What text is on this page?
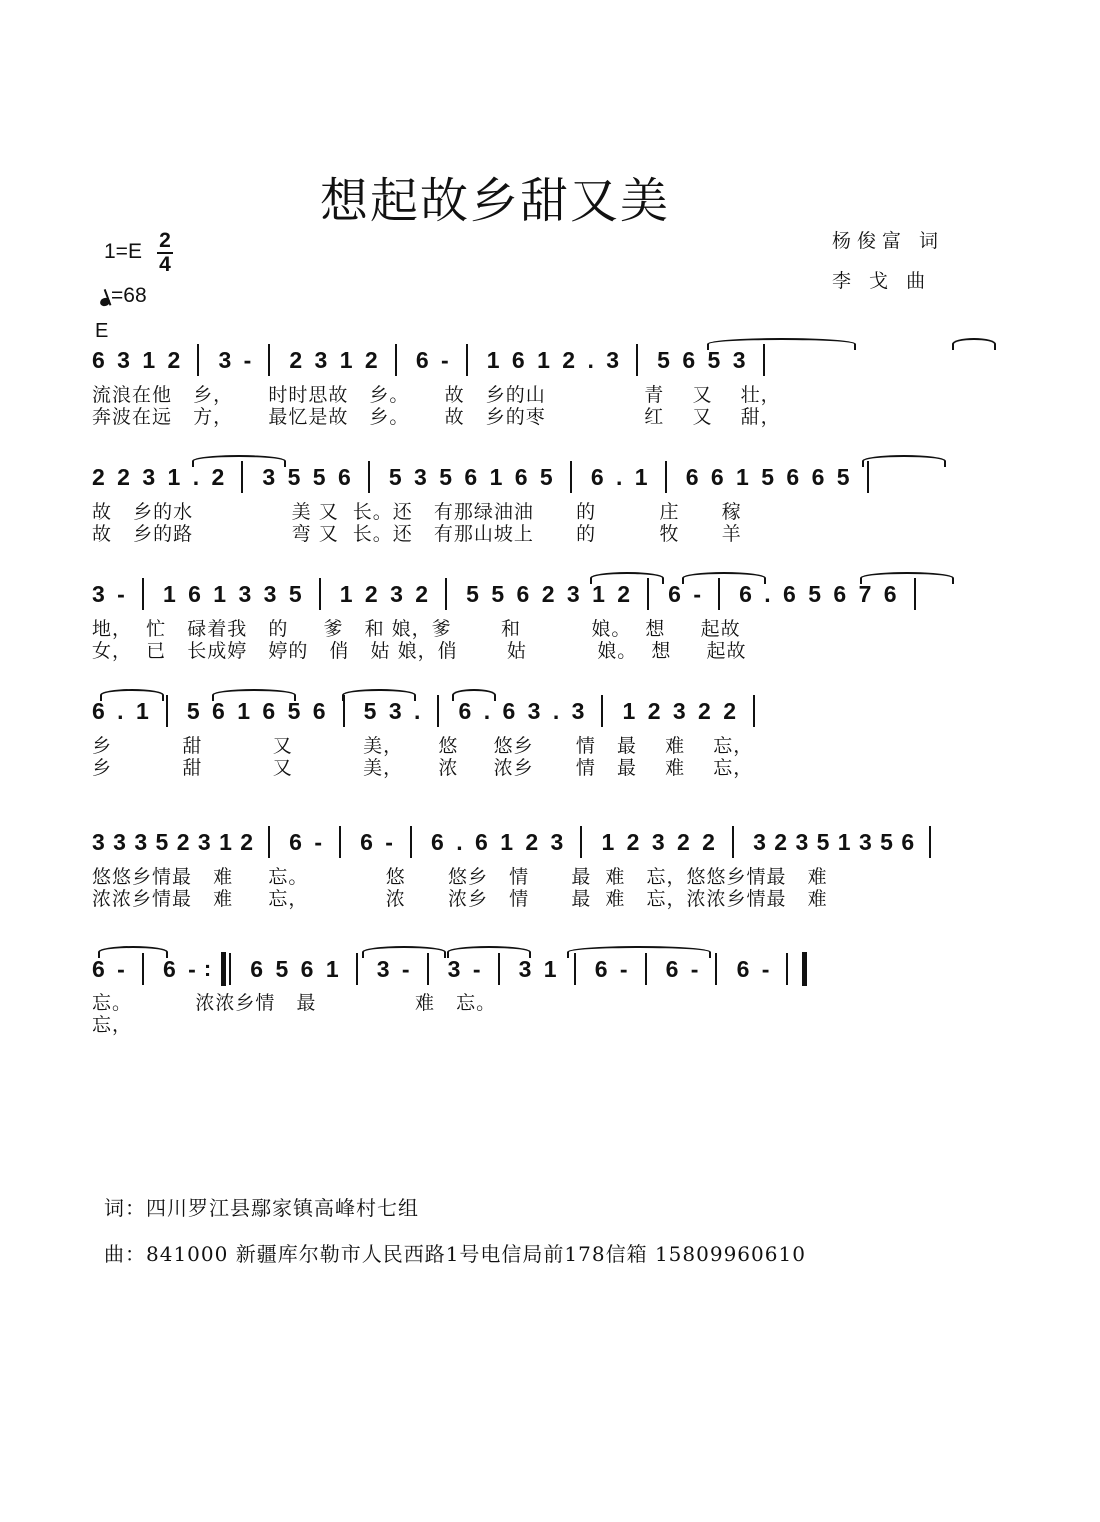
想起故乡甜又美
杨俊富 词
李 戈 曲
1=E 2
4
=68
E
6 3 1 2 3 - 2 3 1 2 6 - 1 6 1 2 . 3 5 6 5 3
流浪在他   乡，     时时思故   乡。     故   乡的山              青    又    壮，
奔波在远   方，     最忆是故   乡。     故   乡的枣              红    又    甜，
2 2 3 1 . 2 3 5 5 6 5 3 5 6 1 6 5 6 . 1 6 6 1 5 6 6 5
故   乡的水              美 又  长。还   有那绿油油      的         庄      稼
故   乡的路              弯 又  长。还   有那山坡上      的         牧      羊
3 - 1 6 1 3 3 5 1 2 3 2 5 5 6 2 3 1 2 6 - 6 . 6 5 6 7 6
地，  忙   碌着我   的     爹   和 娘，爹       和          娘。  想     起故
女，  已   长成婷   婷的   俏   姑 娘，俏       姑          娘。  想     起故
6 . 1 5 6 1 6 5 6 5 3 . 6 . 6 3 . 3 1 2 3 2 2
乡          甜          又          美，     悠     悠乡      情   最    难    忘，
乡          甜          又          美，     浓     浓乡      情   最    难    忘，
3 3 3 5 2 3 1 2 6 - 6 - 6 . 6 1 2 3 1 2 3 2 2 3 2 3 5 1 3 5 6
悠悠乡情最   难     忘。           悠      悠乡   情      最  难   忘，悠悠乡情最   难
浓浓乡情最   难     忘，           浓      浓乡   情      最  难   忘，浓浓乡情最   难
6 - 6 - : 6 5 6 1 3 - 3 - 3 1 6 - 6 - 6 -
忘。         浓浓乡情   最              难   忘。
忘，
词：四川罗江县鄢家镇高峰村七组
曲：841000 新疆库尔勒市人民西路1号电信局前178信箱 15809960610
